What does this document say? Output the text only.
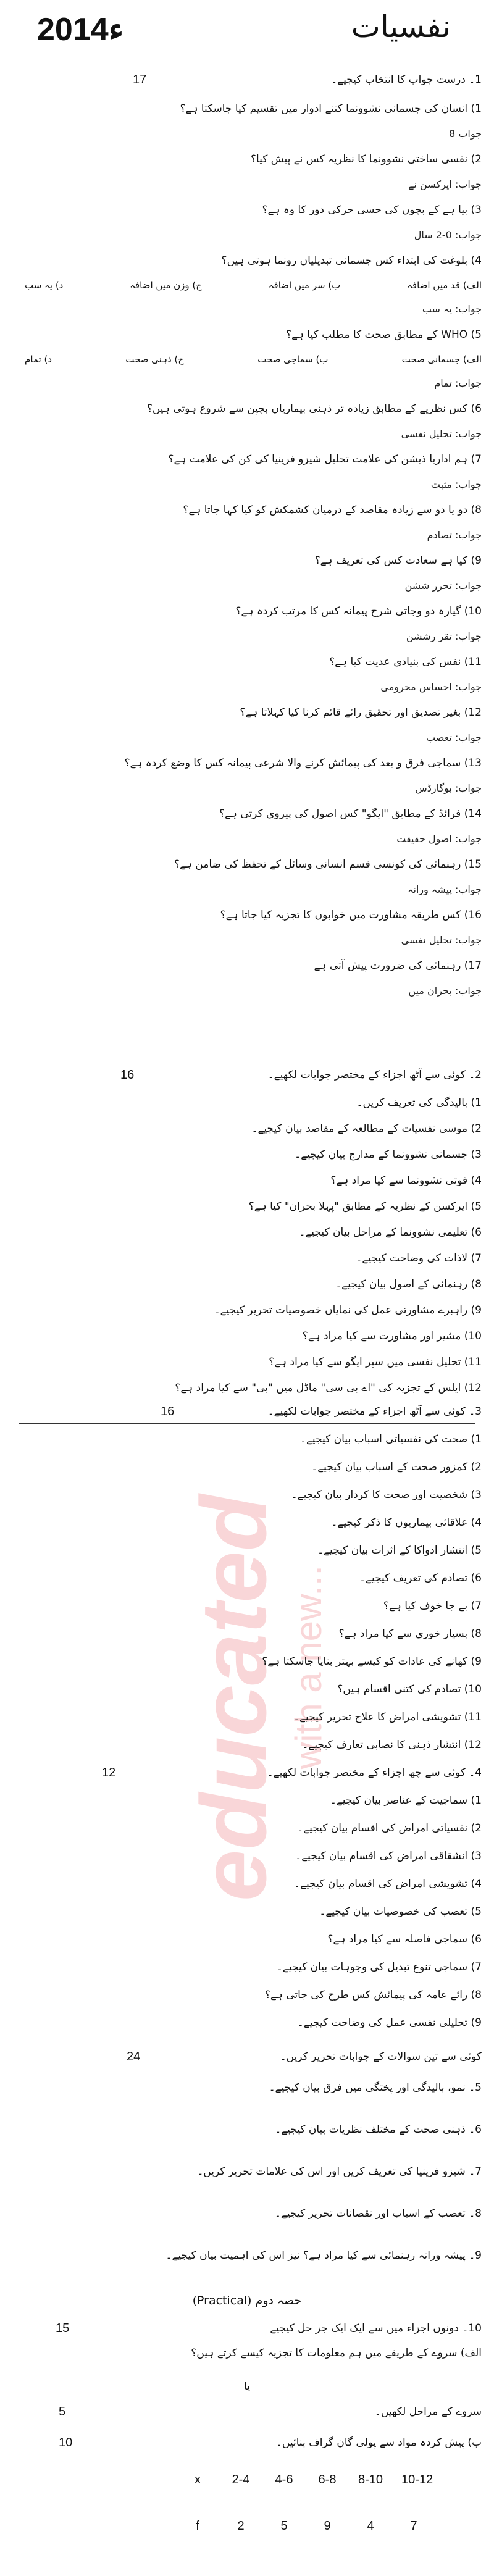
2014ء	نفسیات
educated with a new...
1۔ درست جواب کا انتخاب کیجیے۔
17
1) انسان کی جسمانی نشوونما کتنے ادوار میں تقسیم کیا جاسکتا ہے؟
جواب 8
2) نفسی ساختی نشوونما کا نظریہ کس نے پیش کیا؟
جواب: ایرکسن نے
3) بیا ہے کے بچوں کی حسی حرکی دور کا وہ ہے؟
جواب: 0-2 سال
4) بلوغت کی ابتداء کس جسمانی تبدیلیاں رونما ہوتی ہیں؟
الف) قد میں اضافہ
ب) سر میں اضافہ
ج) وزن میں اضافہ
د) یہ سب
جواب: یہ سب
5) WHO کے مطابق صحت کا مطلب کیا ہے؟
الف) جسمانی صحت
ب) سماجی صحت
ج) ذہنی صحت
د) تمام
جواب: تمام
6) کس نظریے کے مطابق زیادہ تر ذہنی بیماریاں بچپن سے شروع ہوتی ہیں؟
جواب: تحلیل نفسی
7) ہم اداریا ذیشن کی علامت تحلیل شیزو فرینیا کی کن کی علامت ہے؟
جواب: مثبت
8) دو یا دو سے زیادہ مقاصد کے درمیان کشمکش کو کیا کہا جاتا ہے؟
جواب: تصادم
9) کیا ہے سعادت کس کی تعریف ہے؟
جواب: تحرر ششن
10) گیارہ دو وجاتی شرح پیمانہ کس کا مرتب کردہ ہے؟
جواب: تقر رششن
11) نفس کی بنیادی عدیت کیا ہے؟
جواب: احساس محرومی
12) بغیر تصدیق اور تحقیق رائے قائم کرنا کیا کہلاتا ہے؟
جواب: تعصب
13) سماجی فرق و بعد کی پیمائش کرنے والا شرعی پیمانہ کس کا وضع کردہ ہے؟
جواب: بوگارڈس
14) فرائڈ کے مطابق "ایگو" کس اصول کی پیروی کرتی ہے؟
جواب: اصول حقیقت
15) رہنمائی کی کونسی قسم انسانی وسائل کے تحفظ کی ضامن ہے؟
جواب: پیشہ ورانہ
16) کس طریقہ مشاورت میں خوابوں کا تجزیہ کیا جاتا ہے؟
جواب: تحلیل نفسی
17) رہنمائی کی ضرورت پیش آتی ہے
جواب: بحران میں
2۔ کوئی سے آٹھ اجزاء کے مختصر جوابات لکھیے۔
16
1) بالیدگی کی تعریف کریں۔
2) موسی نفسیات کے مطالعہ کے مقاصد بیان کیجیے۔
3) جسمانی نشوونما کے مدارج بیان کیجیے۔
4) قوتی نشوونما سے کیا مراد ہے؟
5) ایرکسن کے نظریہ کے مطابق "پہلا بحران" کیا ہے؟
6) تعلیمی نشوونما کے مراحل بیان کیجیے۔
7) لاذات کی وضاحت کیجیے۔
8) رہنمائی کے اصول بیان کیجیے۔
9) راہبرے مشاورتی عمل کی نمایاں خصوصیات تحریر کیجیے۔
10) مشیر اور مشاورت سے کیا مراد ہے؟
11) تحلیل نفسی میں سپر ایگو سے کیا مراد ہے؟
12) ایلس کے تجزیہ کی "اے بی سی" ماڈل میں "بی" سے کیا مراد ہے؟
3۔ کوئی سے آٹھ اجزاء کے مختصر جوابات لکھیے۔
16
1) صحت کی نفسیاتی اسباب بیان کیجیے۔
2) کمزور صحت کے اسباب بیان کیجیے۔
3) شخصیت اور صحت کا کردار بیان کیجیے۔
4) علاقائی بیماریوں کا ذکر کیجیے۔
5) انتشار ادواکا کے اثرات بیان کیجیے۔
6) تصادم کی تعریف کیجیے۔
7) بے جا خوف کیا ہے؟
8) بسیار خوری سے کیا مراد ہے؟
9) کھانے کی عادات کو کیسے بہتر بنایا جاسکتا ہے؟
10) تصادم کی کتنی اقسام ہیں؟
11) تشویشی امراض کا علاج تحریر کیجیے۔
12) انتشار ذہنی کا نصابی تعارف کیجیے۔
4۔ کوئی سے چھ اجزاء کے مختصر جوابات لکھیے۔
12
1) سماجیت کے عناصر بیان کیجیے۔
2) نفسیاتی امراض کی اقسام بیان کیجیے۔
3) انشقاقی امراض کی اقسام بیان کیجیے۔
4) تشویشی امراض کی اقسام بیان کیجیے۔
5) تعصب کی خصوصیات بیان کیجیے۔
6) سماجی فاصلہ سے کیا مراد ہے؟
7) سماجی تنوع تبدیل کی وجوہات بیان کیجیے۔
8) رائے عامہ کی پیمائش کس طرح کی جاتی ہے؟
9) تحلیلی نفسی عمل کی وضاحت کیجیے۔
کوئی سے تین سوالات کے جوابات تحریر کریں۔
24
5۔ نمو، بالیدگی اور پختگی میں فرق بیان کیجیے۔
6۔ ذہنی صحت کے مختلف نظریات بیان کیجیے۔
7۔ شیزو فرینیا کی تعریف کریں اور اس کی علامات تحریر کریں۔
8۔ تعصب کے اسباب اور نقصانات تحریر کیجیے۔
9۔ پیشہ ورانہ رہنمائی سے کیا مراد ہے؟ نیز اس کی اہمیت بیان کیجیے۔
حصہ دوم (Practical)
10۔ دونوں اجزاء میں سے ایک ایک جز حل کیجیے
15
الف) سروے کے طریقے میں ہم معلومات کا تجزیہ کیسے کرتے ہیں؟
یا
سروے کے مراحل لکھیں۔
5
ب) پیش کردہ مواد سے پولی گان گراف بنائیں۔
10
x	2-4 4-6 6-8 8-10 10-12
f	2	5	9	4	7
